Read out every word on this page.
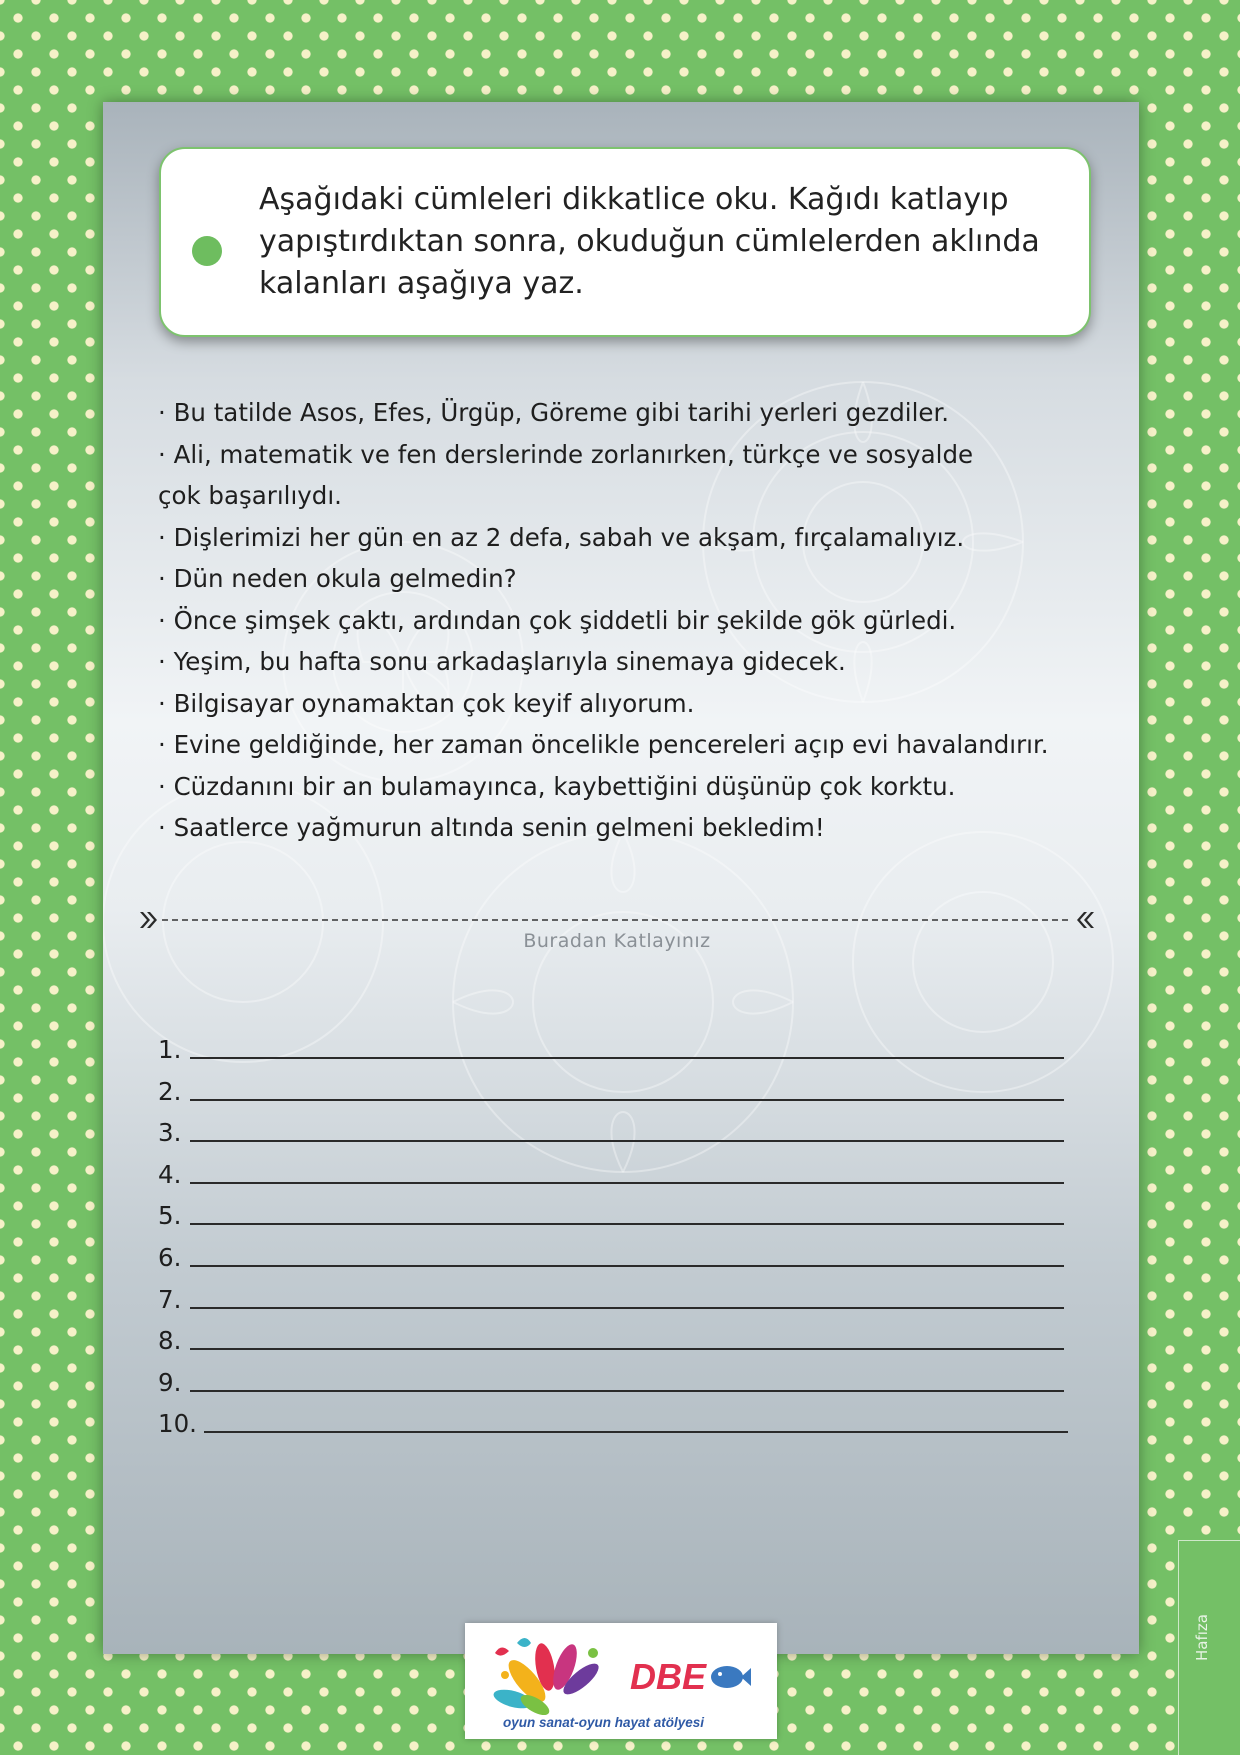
Aşağıdaki cümleleri dikkatlice oku. Kağıdı katlayıp yapıştırdıktan sonra, okuduğun cümlelerden aklında kalanları aşağıya yaz.

· Bu tatilde Asos, Efes, Ürgüp, Göreme gibi tarihi yerleri gezdiler.
· Ali, matematik ve fen derslerinde zorlanırken, türkçe ve sosyalde
çok başarılıydı.
· Dişlerimizi her gün en az 2 defa, sabah ve akşam, fırçalamalıyız.
· Dün neden okula gelmedin?
· Önce şimşek çaktı, ardından çok şiddetli bir şekilde gök gürledi.
· Yeşim, bu hafta sonu arkadaşlarıyla sinemaya gidecek.
· Bilgisayar oynamaktan çok keyif alıyorum.
· Evine geldiğinde, her zaman öncelikle pencereleri açıp evi havalandırır.
· Cüzdanını bir an bulamayınca, kaybettiğini düşünüp çok korktu.
· Saatlerce yağmurun altında senin gelmeni bekledim!
Buradan Katlayınız
1.
2.
3.
4.
5.
6.
7.
8.
9.
10.
Hafıza
DBE
oyun sanat-oyun hayat atölyesi
